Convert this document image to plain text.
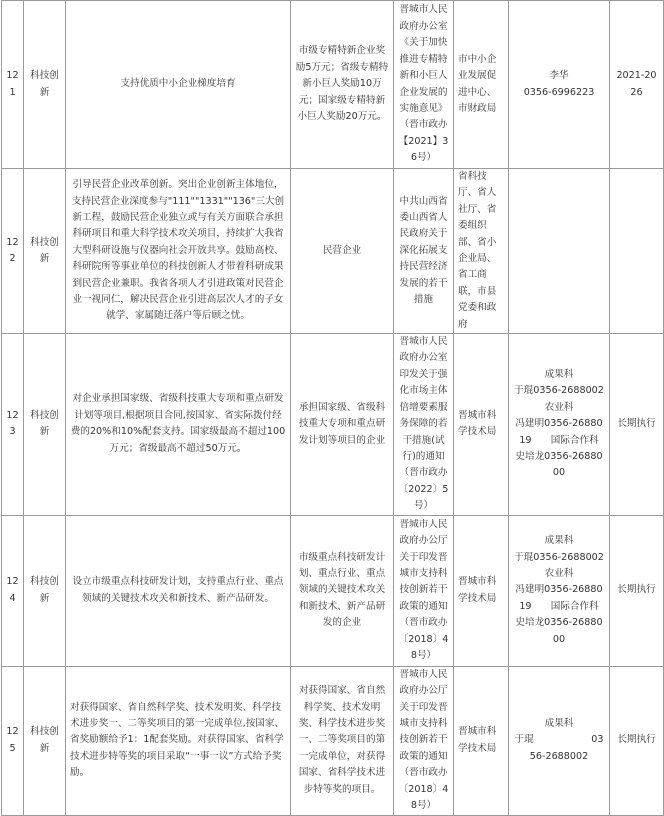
121	科技创新	支持优质中小企业梯度培育	市级专精特新企业奖励5万元；省级专精特新小巨人奖励10万元；国家级专精特新小巨人奖励20万元。	晋城市人民政府办公室《关于加快推进专精特新和小巨人企业发展的实施意见》（晋市政办【2021】36号）	市中小企业发展促进中心、市财政局	李华
0356-6996223	2021-2026
122	科技创新	引导民营企业改革创新。突出企业创新主体地位，支持民营企业深度参与"111""1331""136"三大创新工程，鼓励民营企业独立或与有关方面联合承担科研项目和重大科学技术攻关项目，持续扩大我省大型科研设施与仪器向社会开放共享。鼓励高校、科研院所等事业单位的科技创新人才带着科研成果到民营企业兼职。我省各项人才引进政策对民营企业一视同仁，解决民营企业引进高层次人才的子女就学、家属随迁落户等后顾之忧。	民营企业	中共山西省委山西省人民政府关于深化拓展支持民营经济发展的若干措施	省科技厅、省人社厅、省委组织部、省小企业局、省工商联，市县党委和政府	

123	科技创新	对企业承担国家级、省级科技重大专项和重点研发计划等项目,根据项目合同,按国家、省实际拨付经费的20%和10%配套支持。国家级最高不超过100万元；省级最高不超过50万元。	承担国家级、省级科技重大专项和重点研发计划等项目的企业	晋城市人民政府办公室印发关于强化市场主体倍增要素服务保障的若干措施(试行)的通知（晋市政办〔2022〕5号）	晋城市科学技术局	成果科
于琨0356-2688002　　　农业科
冯建明0356-2688019　　国际合作科
史培龙0356-2688000	长期执行
124	科技创新	设立市级重点科技研发计划，支持重点行业、重点领域的关键技术攻关和新技术、新产品研发。	市级重点科技研发计划、重点行业、重点领域的关键技术攻关和新技术、新产品研发的企业	晋城市人民政府办公厅关于印发晋城市支持科技创新若干政策的通知（晋市政办〔2018〕48号）	晋城市科学技术局	成果科
于琨0356-2688002　　　农业科
冯建明0356-2688019　　国际合作科
史培龙0356-2688000	长期执行
125	科技创新	对获得国家、省自然科学奖、技术发明奖、科学技术进步奖一、二等奖项目的第一完成单位,按国家、省奖励额给予1：1配套奖励。对获得国家、省科学技术进步特等奖的项目采取“一事一议”方式给予奖励。	对获得国家、省自然科学奖、技术发明奖、科学技术进步奖一、二等奖项目的第一完成单位，对获得国家、省科学技术进步特等奖的项目。	晋城市人民政府办公厅关于印发晋城市支持科技创新若干政策的通知（晋市政办〔2018〕48号）	晋城市科学技术局	成果科
于琨　　　　　　0356-2688002	长期执行
